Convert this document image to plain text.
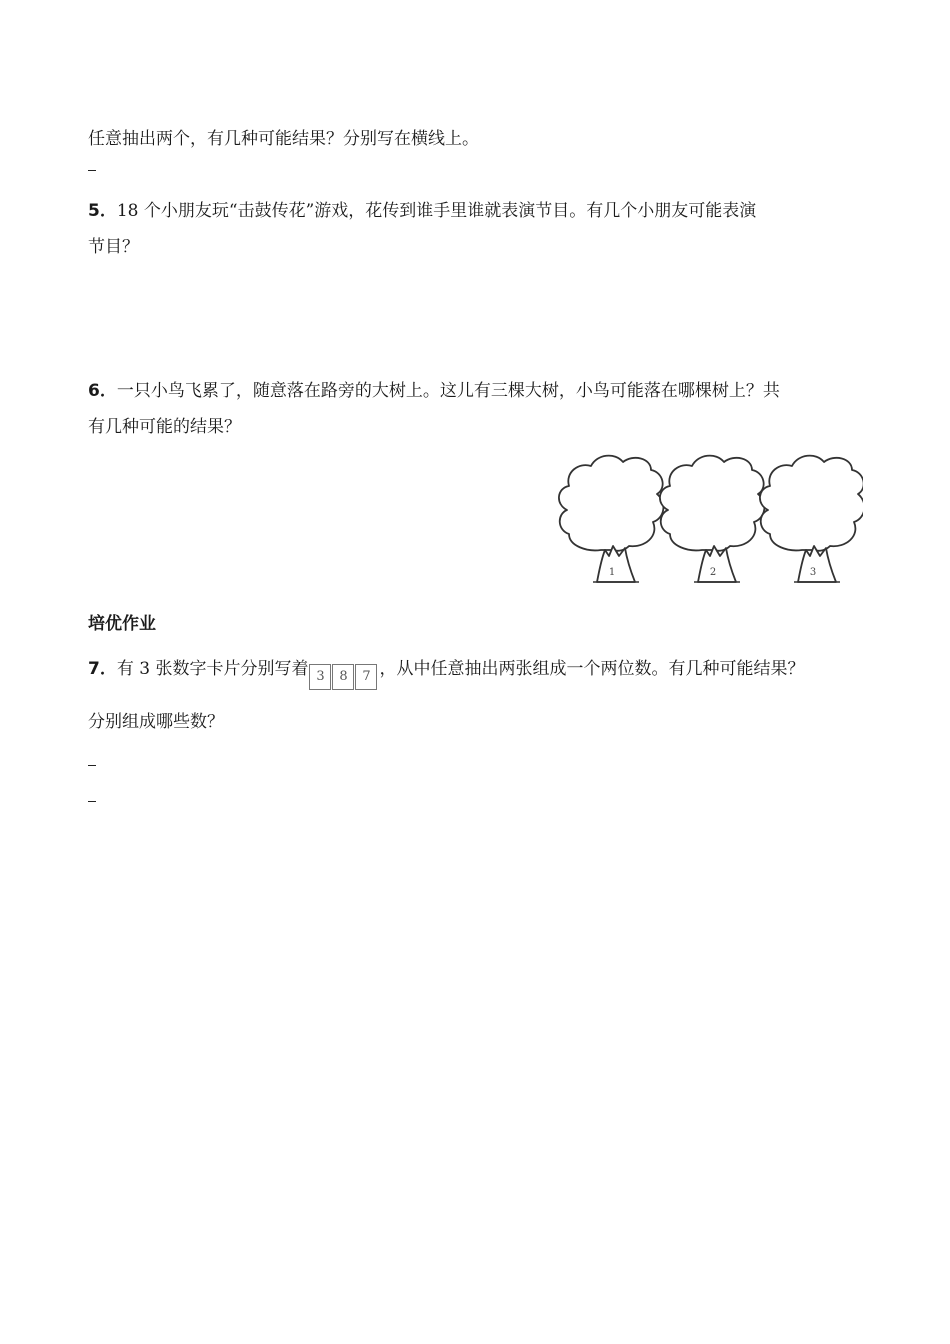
任意抽出两个，有几种可能结果？分别写在横线上。
5．18 个小朋友玩“击鼓传花”游戏，花传到谁手里谁就表演节目。有几个小朋友可能表演
节目？
6．一只小鸟飞累了，随意落在路旁的大树上。这儿有三棵大树，小鸟可能落在哪棵树上？共
有几种可能的结果？
1	2	3
培优作业
7．有 3 张数字卡片分别写着 3 8 7 ，从中任意抽出两张组成一个两位数。有几种可能结果？
分别组成哪些数？
